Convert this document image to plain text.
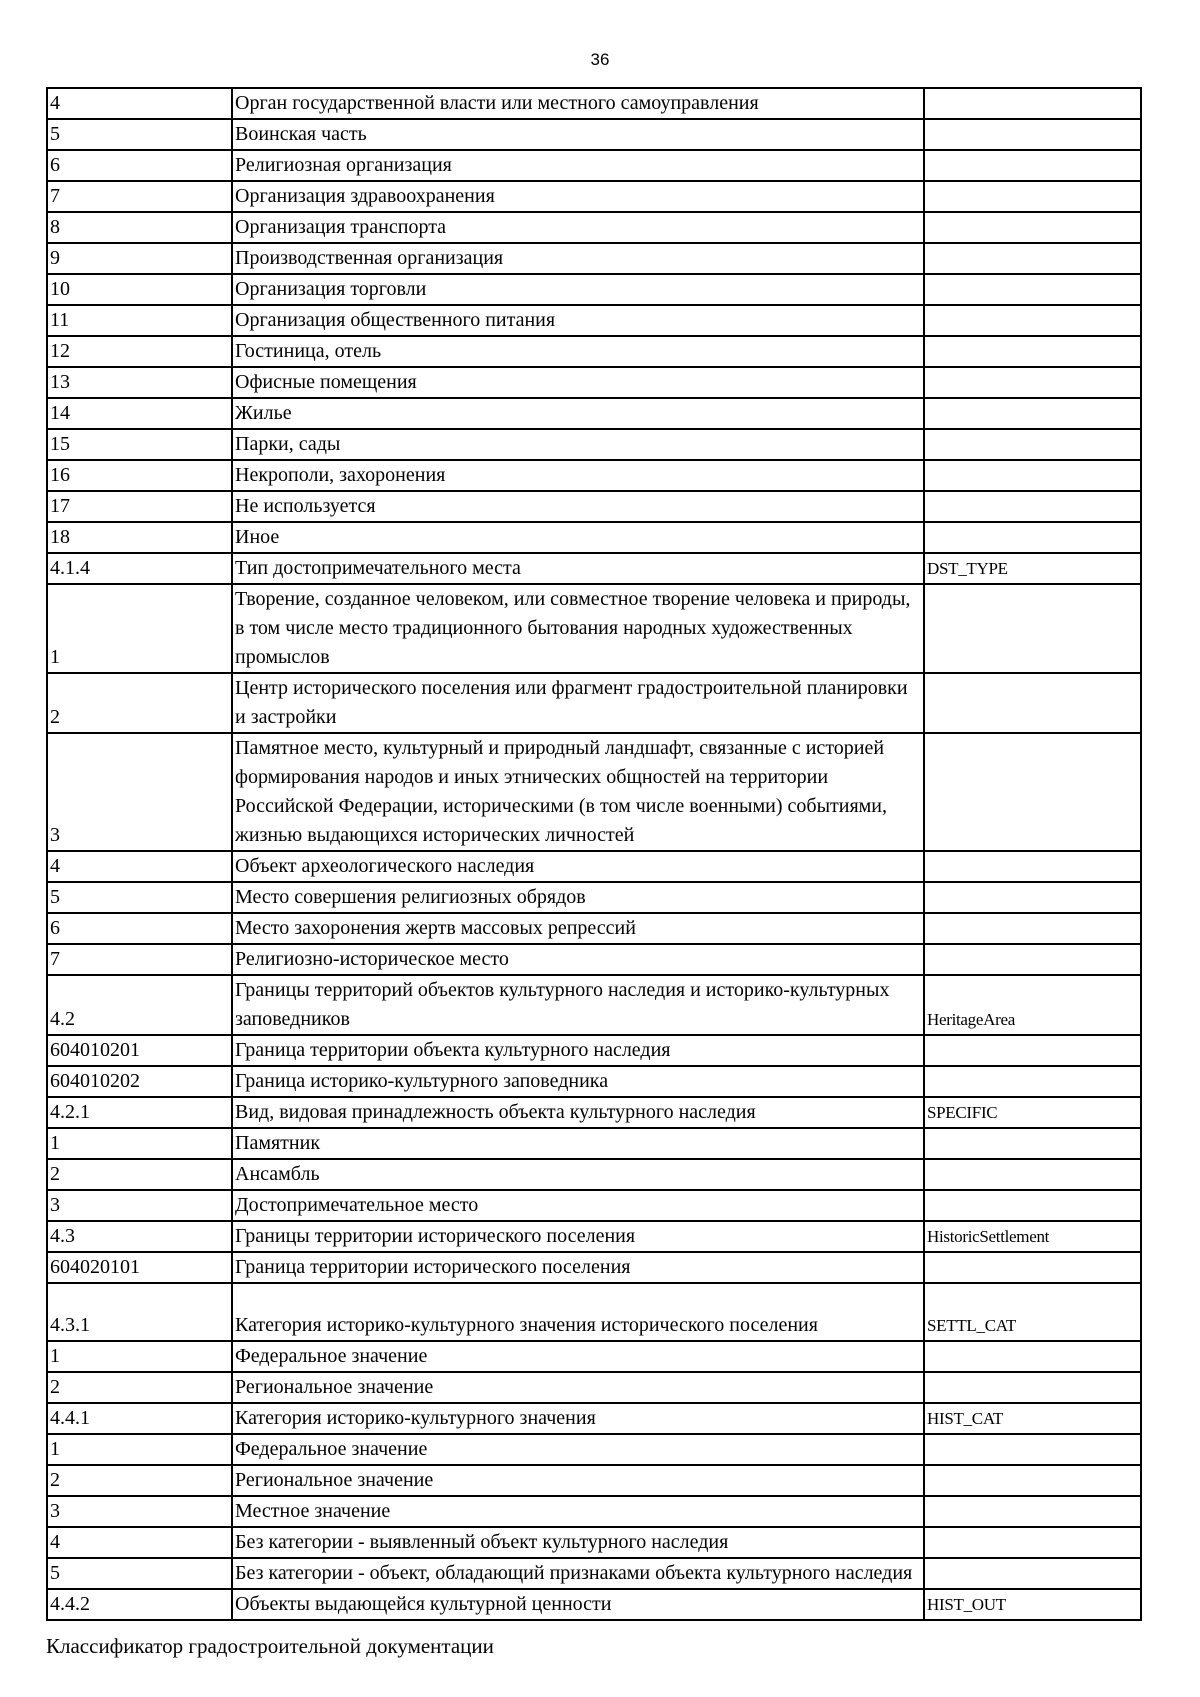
36
4	Орган государственной власти или местного самоуправления	
5	Воинская часть	
6	Религиозная организация	
7	Организация здравоохранения	
8	Организация транспорта	
9	Производственная организация	
10	Организация торговли	
11	Организация общественного питания	
12	Гостиница, отель	
13	Офисные помещения	
14	Жилье	
15	Парки, сады	
16	Некрополи, захоронения	
17	Не используется	
18	Иное	
4.1.4	Тип достопримечательного места	DST_TYPE
1	Творение, созданное человеком, или совместное творение человека и природы, в том числе место традиционного бытования народных художественных промыслов	
2	Центр исторического поселения или фрагмент градостроительной планировки и застройки	
3	Памятное место, культурный и природный ландшафт, связанные с историей формирования народов и иных этнических общностей на территории Российской Федерации, историческими (в том числе военными) событиями, жизнью выдающихся исторических личностей	
4	Объект археологического наследия	
5	Место совершения религиозных обрядов	
6	Место захоронения жертв массовых репрессий	
7	Религиозно-историческое место	
4.2	Границы территорий объектов культурного наследия и историко-культурных заповедников	HeritageArea
604010201	Граница территории объекта культурного наследия	
604010202	Граница историко-культурного заповедника	
4.2.1	Вид, видовая принадлежность объекта культурного наследия	SPECIFIC
1	Памятник	
2	Ансамбль	
3	Достопримечательное место	
4.3	Границы территории исторического поселения	HistoricSettlement
604020101	Граница территории исторического поселения	
4.3.1	Категория историко-культурного значения исторического поселения	SETTL_CAT
1	Федеральное значение	
2	Региональное значение	
4.4.1	Категория историко-культурного значения	HIST_CAT
1	Федеральное значение	
2	Региональное значение	
3	Местное значение	
4	Без категории - выявленный объект культурного наследия	
5	Без категории - объект, обладающий признаками объекта культурного наследия	
4.4.2	Объекты выдающейся культурной ценности	HIST_OUT
Классификатор градостроительной документации
